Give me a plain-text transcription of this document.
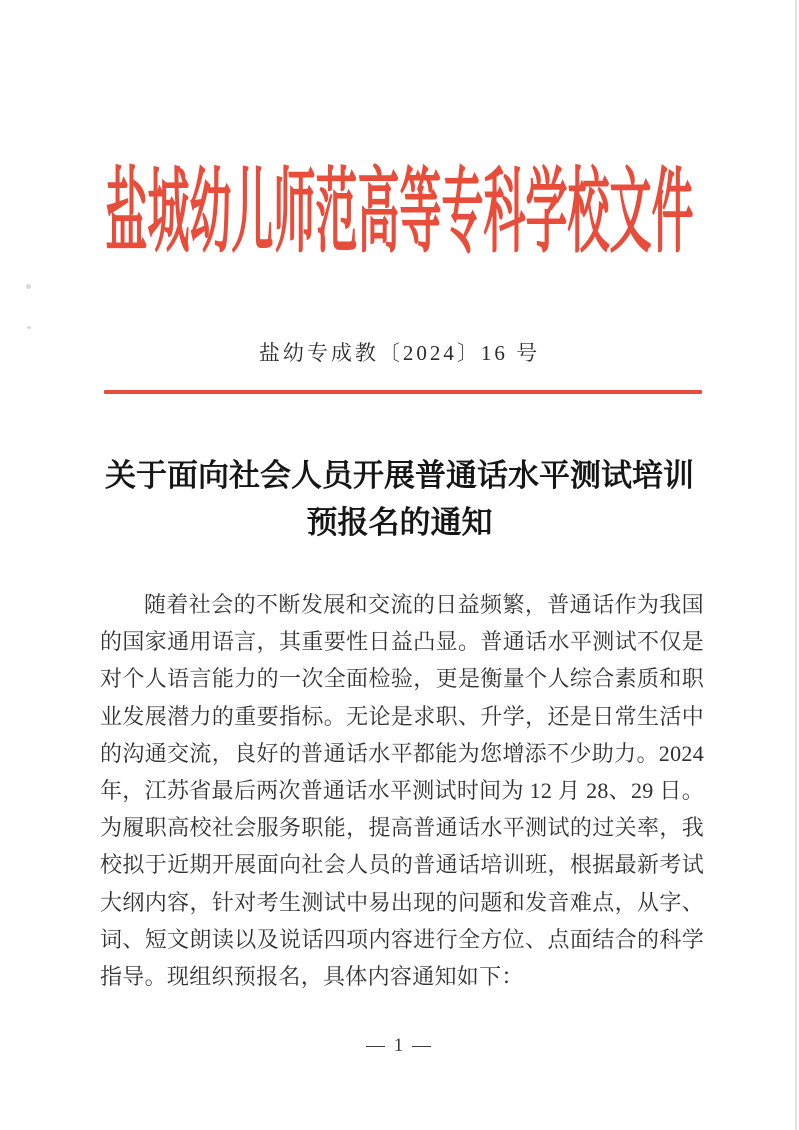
盐城幼儿师范高等专科学校文件
盐幼专成教〔2024〕16 号
关于面向社会人员开展普通话水平测试培训
预报名的通知
随着社会的不断发展和交流的日益频繁，普通话作为我国的国家通用语言，其重要性日益凸显。普通话水平测试不仅是对个人语言能力的一次全面检验，更是衡量个人综合素质和职业发展潜力的重要指标。无论是求职、升学，还是日常生活中的沟通交流，良好的普通话水平都能为您增添不少助力。2024 年，江苏省最后两次普通话水平测试时间为 12 月 28、29 日。为履职高校社会服务职能，提高普通话水平测试的过关率，我校拟于近期开展面向社会人员的普通话培训班，根据最新考试大纲内容，针对考生测试中易出现的问题和发音难点，从字、词、短文朗读以及说话四项内容进行全方位、点面结合的科学指导。现组织预报名，具体内容通知如下：
— 1 —
